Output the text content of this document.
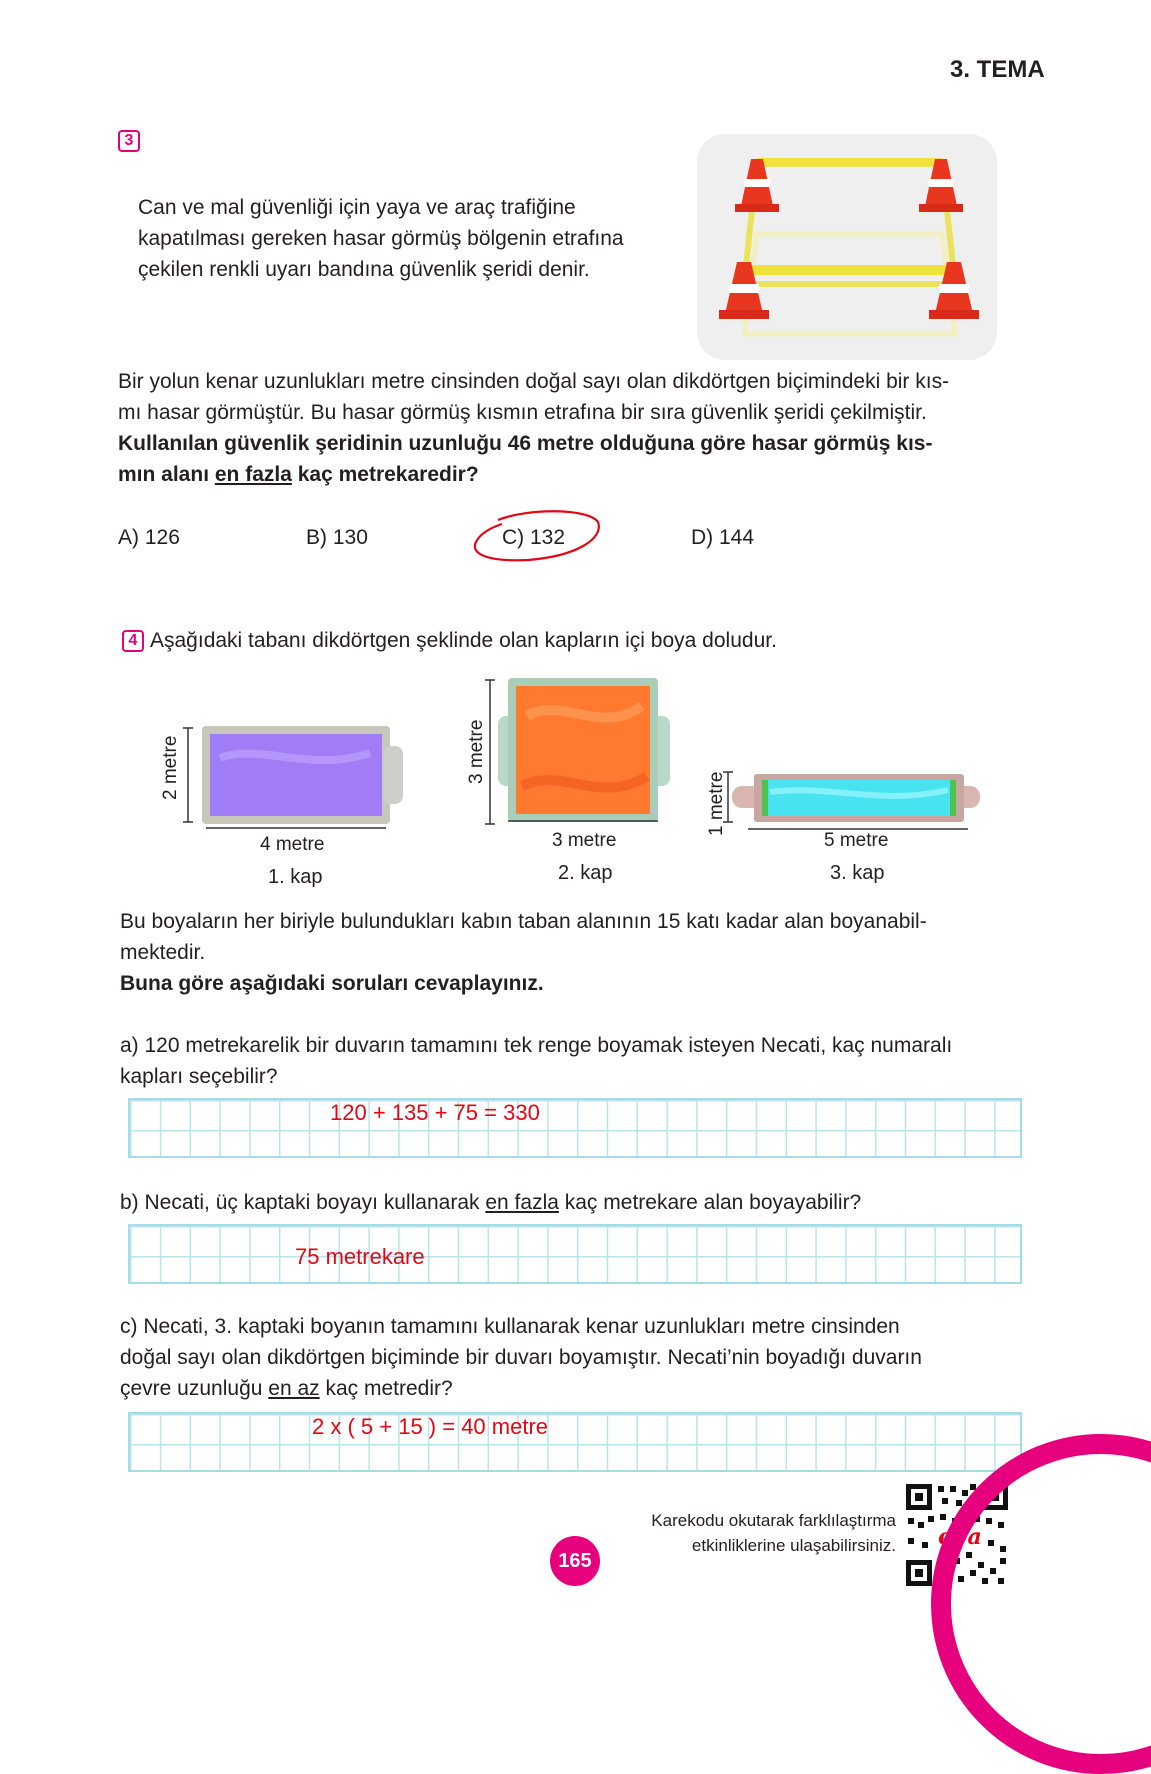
3. TEMA
3
Can ve mal güvenliği için yaya ve araç trafiğine
kapatılması gereken hasar görmüş bölgenin etrafına
çekilen renkli uyarı bandına güvenlik şeridi denir.
Bir yolun kenar uzunlukları metre cinsinden doğal sayı olan dikdörtgen biçimindeki bir kıs-
mı hasar görmüştür. Bu hasar görmüş kısmın etrafına bir sıra güvenlik şeridi çekilmiştir.
Kullanılan güvenlik şeridinin uzunluğu 46 metre olduğuna göre hasar görmüş kıs-
mın alanı en fazla kaç metrekaredir?
A) 126	B) 130	C) 132	D) 144
4 Aşağıdaki tabanı dikdörtgen şeklinde olan kapların içi boya doludur.
2 metre
4 metre
1. kap
3 metre
3 metre
2. kap
1 metre
5 metre
3. kap
Bu boyaların her biriyle bulundukları kabın taban alanının 15 katı kadar alan boyanabil-
mektedir.
Buna göre aşağıdaki soruları cevaplayınız.
a) 120 metrekarelik bir duvarın tamamını tek renge boyamak isteyen Necati, kaç numaralı
kapları seçebilir?
120 + 135 + 75 = 330
b) Necati, üç kaptaki boyayı kullanarak en fazla kaç metrekare alan boyayabilir?
75 metrekare
c) Necati, 3. kaptaki boyanın tamamını kullanarak kenar uzunlukları metre cinsinden
doğal sayı olan dikdörtgen biçiminde bir duvarı boyamıştır. Necati’nin boyadığı duvarın
çevre uzunluğu en az kaç metredir?
2 x ( 5 + 15 ) = 40 metre
Karekodu okutarak farklılaştırma
etkinliklerine ulaşabilirsiniz. eba
165
